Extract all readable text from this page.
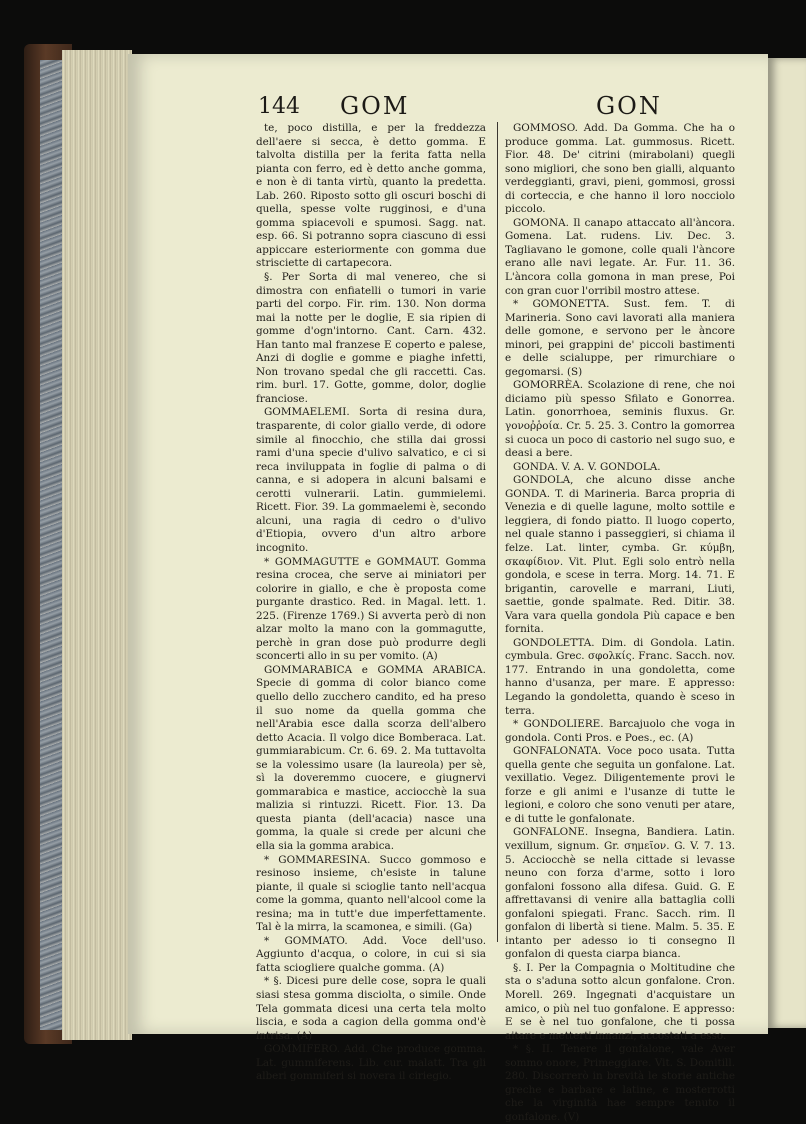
144 GOM	GON

te, poco distilla, e per la freddezza dell'aere si secca, è detto gomma. E talvolta distilla per la ferita fatta nella pianta con ferro, ed è detto anche gomma, e non è di tanta virtù, quanto la predetta. Lab. 260. Riposto sotto gli oscuri boschi di quella, spesse volte rugginosi, e d'una gomma spiacevoli e spumosi. Sagg. nat. esp. 66. Si potranno sopra ciascuno di essi appiccare esteriormente con gomma due strisciette di cartapecora.

§. Per Sorta di mal venereo, che si dimostra con enfiatelli o tumori in varie parti del corpo. Fir. rim. 130. Non dorma mai la notte per le doglie, E sia ripien di gomme d'ogn'intorno. Cant. Carn. 432. Han tanto mal franzese E coperto e palese, Anzi di doglie e gomme e piaghe infetti, Non trovano spedal che gli raccetti. Cas. rim. burl. 17. Gotte, gomme, dolor, doglie franciose.

GOMMAELEMI. Sorta di resina dura, trasparente, di color giallo verde, di odore simile al finocchio, che stilla dai grossi rami d'una specie d'ulivo salvatico, e ci si reca inviluppata in foglie di palma o di canna, e si adopera in alcuni balsami e cerotti vulnerarii. Latin. gummielemi. Ricett. Fior. 39. La gommaelemi è, secondo alcuni, una ragia di cedro o d'ulivo d'Etiopia, ovvero d'un altro arbore incognito.

* GOMMAGUTTE e GOMMAUT. Gomma resina crocea, che serve ai miniatori per colorire in giallo, e che è proposta come purgante drastico. Red. in Magal. lett. 1. 225. (Firenze 1769.) Si avverta però di non alzar molto la mano con la gommagutte, perchè in gran dose può produrre degli sconcerti allo in su per vomito. (A)

GOMMARABICA e GOMMA ARABICA. Specie di gomma di color bianco come quello dello zucchero candito, ed ha preso il suo nome da quella gomma che nell'Arabia esce dalla scorza dell'albero detto Acacia. Il volgo dice Bomberaca. Lat. gummiarabicum. Cr. 6. 69. 2. Ma tuttavolta se la volessimo usare (la laureola) per sè, sì la doveremmo cuocere, e giugnervi gommarabica e mastice, acciocchè la sua malizia si rintuzzi. Ricett. Fior. 13. Da questa pianta (dell'acacia) nasce una gomma, la quale si crede per alcuni che ella sia la gomma arabica.

* GOMMARESINA. Succo gommoso e resinoso insieme, ch'esiste in talune piante, il quale si scioglie tanto nell'acqua come la gomma, quanto nell'alcool come la resina; ma in tutt'e due imperfettamente. Tal è la mirra, la scamonea, e simili. (Ga)

* GOMMATO. Add. Voce dell'uso. Aggiunto d'acqua, o colore, in cui si sia fatta sciogliere qualche gomma. (A)

* §. Dicesi pure delle cose, sopra le quali siasi stesa gomma disciolta, o simile. Onde Tela gommata dicesi una certa tela molto liscia, e soda a cagion della gomma ond'è intrisa. (A)

GOMMIFERO. Add. Che produce gomma. Lat. gummiferens. Lib. cur. malatt. Tra gli alberi gommiferi si novera il ciriegio.

GOMMOSO. Add. Da Gomma. Che ha o produce gomma. Lat. gummosus. Ricett. Fior. 48. De' citrini (mirabolani) quegli sono migliori, che sono ben gialli, alquanto verdeggianti, gravi, pieni, gommosi, grossi di corteccia, e che hanno il loro nocciolo piccolo.

GOMONA. Il canapo attaccato all'àncora. Gomena. Lat. rudens. Liv. Dec. 3. Tagliavano le gomone, colle quali l'àncore erano alle navi legate. Ar. Fur. 11. 36. L'àncora colla gomona in man prese, Poi con gran cuor l'orribil mostro attese.

* GOMONETTA. Sust. fem. T. di Marineria. Sono cavi lavorati alla maniera delle gomone, e servono per le àncore minori, pei grappini de' piccoli bastimenti e delle scialuppe, per rimurchiare o gegomarsi. (S)

GOMORRÈA. Scolazione di rene, che noi diciamo più spesso Sfilato e Gonorrea. Latin. gonorrhoea, seminis fluxus. Gr. γονοῤῥοία. Cr. 5. 25. 3. Contro la gomorrea si cuoca un poco di castorio nel sugo suo, e deasi a bere.

GONDA. V. A. V. GONDOLA.

GONDOLA, che alcuno disse anche GONDA. T. di Marineria. Barca propria di Venezia e di quelle lagune, molto sottile e leggiera, di fondo piatto. Il luogo coperto, nel quale stanno i passeggieri, si chiama il felze. Lat. linter, cymba. Gr. κύμβη, σκαφίδιον. Vit. Plut. Egli solo entrò nella gondola, e scese in terra. Morg. 14. 71. E brigantin, carovelle e marrani, Liuti, saettie, gonde spalmate. Red. Ditir. 38. Vara vara quella gondola Più capace e ben fornita.

GONDOLETTA. Dim. di Gondola. Latin. cymbula. Grec. σφολκίς. Franc. Sacch. nov. 177. Entrando in una gondoletta, come hanno d'usanza, per mare. E appresso: Legando la gondoletta, quando è sceso in terra.

* GONDOLIERE. Barcajuolo che voga in gondola. Conti Pros. e Poes., ec. (A)

GONFALONATA. Voce poco usata. Tutta quella gente che seguita un gonfalone. Lat. vexillatio. Vegez. Diligentemente provi le forze e gli animi e l'usanze di tutte le legioni, e coloro che sono venuti per atare, e di tutte le gonfalonate.

GONFALONE. Insegna, Bandiera. Latin. vexillum, signum. Gr. σημεῖον. G. V. 7. 13. 5. Acciocchè se nella cittade si levasse neuno con forza d'arme, sotto i loro gonfaloni fossono alla difesa. Guid. G. E affrettavansi di venire alla battaglia colli gonfaloni spiegati. Franc. Sacch. rim. Il gonfalon di libertà si tiene. Malm. 5. 35. E intanto per adesso io ti consegno Il gonfalon di questa ciarpa bianca.

§. I. Per la Compagnia o Moltitudine che sta o s'aduna sotto alcun gonfalone. Cron. Morell. 269. Ingegnati d'acquistare un amico, o più nel tuo gonfalone. E appresso: E se è nel tuo gonfalone, che ti possa aitare e metterti innanzi, accostati a esso.

* §. II. Tenere il gonfalone, vale Aver sommo onore, Primeggiare. Vit. S. Domitill. 280. Discorrerò in brevità le storie antiche greche e barbare e latine, e mosterrotti che la virginità hae sempre tenuto il gonfalone. (V)
